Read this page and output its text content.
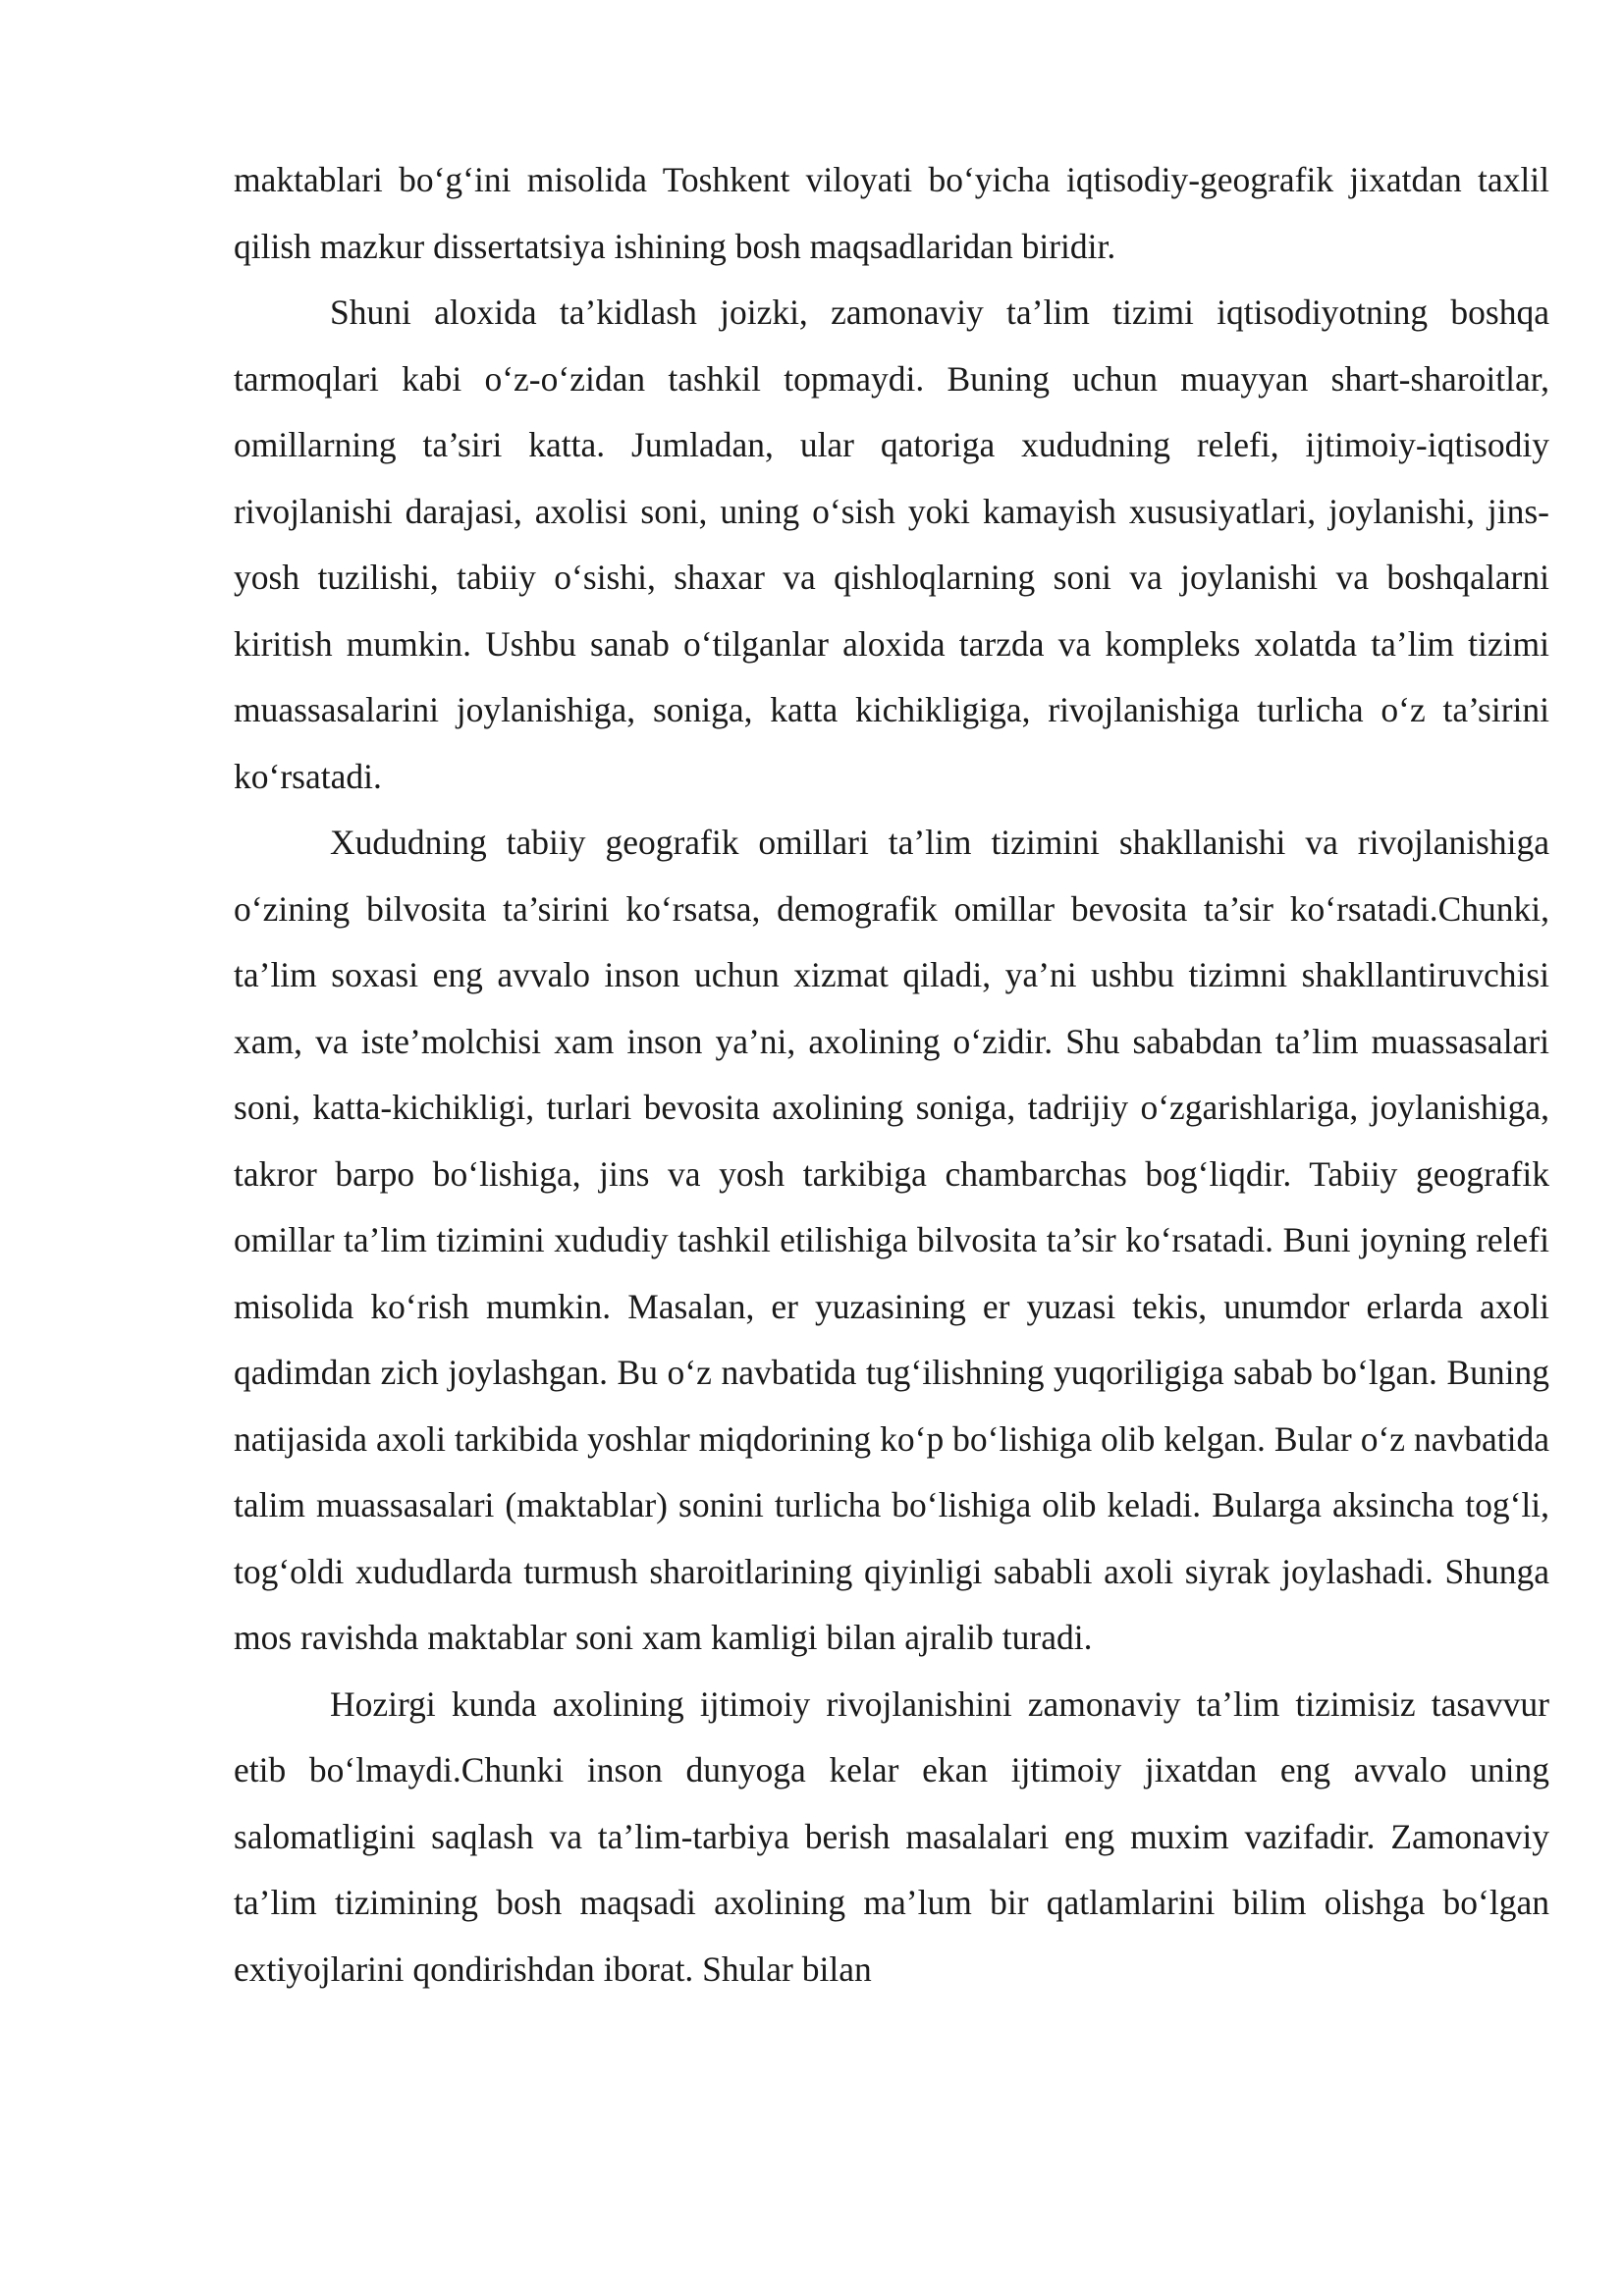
maktablari bo‘g‘ini misolida Toshkent viloyati bo‘yicha iqtisodiy-geografik jixatdan taxlil qilish mazkur dissertatsiya ishining bosh maqsadlaridan biridir.

Shuni aloxida ta’kidlash joizki, zamonaviy ta’lim tizimi iqtisodiyotning boshqa tarmoqlari kabi o‘z-o‘zidan tashkil topmaydi. Buning uchun muayyan shart-sharoitlar, omillarning ta’siri katta. Jumladan, ular qatoriga xududning relefi, ijtimoiy-iqtisodiy rivojlanishi darajasi, axolisi soni, uning o‘sish yoki kamayish xususiyatlari, joylanishi, jins-yosh tuzilishi, tabiiy o‘sishi, shaxar va qishloqlarning soni va joylanishi va boshqalarni kiritish mumkin. Ushbu sanab o‘tilganlar aloxida tarzda va kompleks xolatda ta’lim tizimi muassasalarini joylanishiga, soniga, katta kichikligiga, rivojlanishiga turlicha o‘z ta’sirini ko‘rsatadi.

Xududning tabiiy geografik omillari ta’lim tizimini shakllanishi va rivojlanishiga o‘zining bilvosita ta’sirini ko‘rsatsa, demografik omillar bevosita ta’sir ko‘rsatadi.Chunki, ta’lim soxasi eng avvalo inson uchun xizmat qiladi, ya’ni ushbu tizimni shakllantiruvchisi xam, va iste’molchisi xam inson ya’ni, axolining o‘zidir. Shu sababdan ta’lim muassasalari soni, katta-kichikligi, turlari bevosita axolining soniga, tadrijiy o‘zgarishlariga, joylanishiga, takror barpo bo‘lishiga, jins va yosh tarkibiga chambarchas bog‘liqdir. Tabiiy geografik omillar ta’lim tizimini xududiy tashkil etilishiga bilvosita ta’sir ko‘rsatadi. Buni joyning relefi misolida ko‘rish mumkin. Masalan, er yuzasining er yuzasi tekis, unumdor erlarda axoli qadimdan zich joylashgan. Bu o‘z navbatida tug‘ilishning yuqoriligiga sabab bo‘lgan. Buning natijasida axoli tarkibida yoshlar miqdorining ko‘p bo‘lishiga olib kelgan. Bular o‘z navbatida talim muassasalari (maktablar) sonini turlicha bo‘lishiga olib keladi. Bularga aksincha tog‘li, tog‘oldi xududlarda turmush sharoitlarining qiyinligi sababli axoli siyrak joylashadi. Shunga mos ravishda maktablar soni xam kamligi bilan ajralib turadi.

Hozirgi kunda axolining ijtimoiy rivojlanishini zamonaviy ta’lim tizimisiz tasavvur etib bo‘lmaydi.Chunki inson dunyoga kelar ekan ijtimoiy jixatdan eng avvalo uning salomatligini saqlash va ta’lim-tarbiya berish masalalari eng muxim vazifadir. Zamonaviy ta’lim tizimining bosh maqsadi axolining ma’lum bir qatlamlarini bilim olishga bo‘lgan extiyojlarini qondirishdan iborat. Shular bilan
